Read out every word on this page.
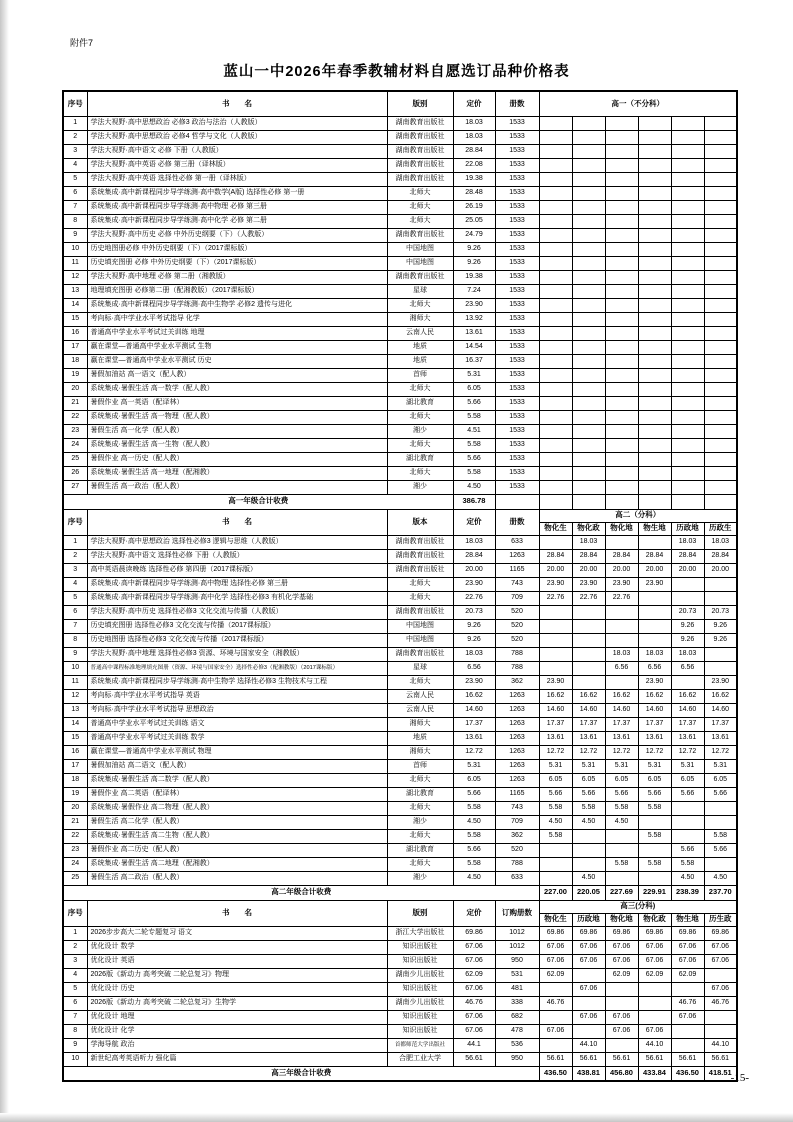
附件7
蓝山一中2026年春季教辅材料自愿选订品种价格表
序号	书　　名	版别	定价	册数	高一（不分科）					
1	学法大视野·高中思想政治 必修3 政治与法治（人教版）	湖南教育出版社	18.03	1533						
2	学法大视野·高中思想政治 必修4 哲学与文化（人教版）	湖南教育出版社	18.03	1533						
3	学法大视野·高中语文 必修 下册（人教版）	湖南教育出版社	28.84	1533						
4	学法大视野·高中英语 必修 第三册（译林版）	湖南教育出版社	22.08	1533						
5	学法大视野·高中英语 选择性必修 第一册（译林版）	湖南教育出版社	19.38	1533						
6	系统集成·高中新课程同步导学练测·高中数学(A版) 选择性必修 第一册	北师大	28.48	1533						
7	系统集成·高中新课程同步导学练测·高中物理 必修 第三册	北师大	26.19	1533						
8	系统集成·高中新课程同步导学练测·高中化学 必修 第二册	北师大	25.05	1533						
9	学法大视野·高中历史 必修 中外历史纲要（下）（人教版）	湖南教育出版社	24.79	1533						
10	历史地图册必修 中外历史纲要（下）（2017课标版）	中国地图	9.26	1533						
11	历史填充图册 必修 中外历史纲要（下）（2017课标版）	中国地图	9.26	1533						
12	学法大视野·高中地理 必修 第二册（湘教版）	湖南教育出版社	19.38	1533						
13	地理填充图册 必修第二册（配湘教版）（2017课标版）	星球	7.24	1533						
14	系统集成·高中新课程同步导学练测·高中生物学 必修2 遗传与进化	北师大	23.90	1533						
15	考向标·高中学业水平考试指导 化学	湘师大	13.92	1533						
16	普通高中学业水平考试过关训练 地理	云南人民	13.61	1533						
17	赢在课堂—普通高中学业水平测试 生物	地质	14.54	1533						
18	赢在课堂—普通高中学业水平测试 历史	地质	16.37	1533						
19	暑假加油站 高一语文（配人教）	首师	5.31	1533						
20	系统集成·暑假生活 高一数学（配人教）	北师大	6.05	1533						
21	暑假作业 高一英语（配译林）	湖北教育	5.66	1533						
22	系统集成·暑假生活 高一物理（配人教）	北师大	5.58	1533						
23	暑假生活 高一化学（配人教）	湘少	4.51	1533						
24	系统集成·暑假生活 高一生物（配人教）	北师大	5.58	1533						
25	暑假作业 高一历史（配人教）	湖北教育	5.66	1533						
26	系统集成·暑假生活 高一地理（配湘教）	北师大	5.58	1533						
27	暑假生活 高一政治（配人教）	湘少	4.50	1533						
高一年级合计收费			386.78							
序号	书　　名	版本	定价	册数	高二（分科）					
					物化生	物化政	物化地	物生地	历政地	历政生
1	学法大视野·高中思想政治 选择性必修3 逻辑与思维（人教版）	湖南教育出版社	18.03	633		18.03			18.03	18.03
2	学法大视野·高中语文 选择性必修 下册（人教版）	湖南教育出版社	28.84	1263	28.84	28.84	28.84	28.84	28.84	28.84
3	高中英语晨读晚练 选择性必修 第四册（2017课标版）	湖南教育出版社	20.00	1165	20.00	20.00	20.00	20.00	20.00	20.00
4	系统集成·高中新课程同步导学练测·高中物理 选择性必修 第三册	北师大	23.90	743	23.90	23.90	23.90	23.90		
5	系统集成·高中新课程同步导学练测·高中化学 选择性必修3 有机化学基础	北师大	22.76	709	22.76	22.76	22.76			
6	学法大视野·高中历史 选择性必修3 文化交流与传播（人教版）	湖南教育出版社	20.73	520					20.73	20.73
7	历史填充图册 选择性必修3 文化交流与传播（2017课标版）	中国地图	9.26	520					9.26	9.26
8	历史地图册 选择性必修3 文化交流与传播（2017课标版）	中国地图	9.26	520					9.26	9.26
9	学法大视野·高中地理 选择性必修3 资源、环境与国家安全（湘教版）	湖南教育出版社	18.03	788			18.03	18.03	18.03	
10	普通高中课程标准地理填充图册（资源、环境与国家安全）选择性必修3（配湘教版）（2017课标版）	星球	6.56	788			6.56	6.56	6.56	
11	系统集成·高中新课程同步导学练测·高中生物学 选择性必修3 生物技术与工程	北师大	23.90	362	23.90			23.90		23.90
12	考向标·高中学业水平考试指导 英语	云南人民	16.62	1263	16.62	16.62	16.62	16.62	16.62	16.62
13	考向标·高中学业水平考试指导 思想政治	云南人民	14.60	1263	14.60	14.60	14.60	14.60	14.60	14.60
14	普通高中学业水平考试过关训练 语文	湘师大	17.37	1263	17.37	17.37	17.37	17.37	17.37	17.37
15	普通高中学业水平考试过关训练 数学	地质	13.61	1263	13.61	13.61	13.61	13.61	13.61	13.61
16	赢在课堂—普通高中学业水平测试 物理	湘师大	12.72	1263	12.72	12.72	12.72	12.72	12.72	12.72
17	暑假加油站 高二语文（配人教）	首师	5.31	1263	5.31	5.31	5.31	5.31	5.31	5.31
18	系统集成·暑假生活 高二数学（配人教）	北师大	6.05	1263	6.05	6.05	6.05	6.05	6.05	6.05
19	暑假作业 高二英语（配译林）	湖北教育	5.66	1165	5.66	5.66	5.66	5.66	5.66	5.66
20	系统集成·暑假作业 高二物理（配人教）	北师大	5.58	743	5.58	5.58	5.58	5.58		
21	暑假生活 高二化学（配人教）	湘少	4.50	709	4.50	4.50	4.50			
22	系统集成·暑假生活 高二生物（配人教）	北师大	5.58	362	5.58			5.58		5.58
23	暑假作业 高二历史（配人教）	湖北教育	5.66	520					5.66	5.66
24	系统集成·暑假生活 高二地理（配湘教）	北师大	5.58	788			5.58	5.58	5.58	
25	暑假生活 高二政治（配人教）	湘少	4.50	633		4.50			4.50	4.50
高二年级合计收费					227.00	220.05	227.69	229.91	238.39	237.70
序号	书　　名	版别	定价	订购册数	高三(分科)					
					物化生	历政地	物化地	物化政	物生地	历生政
1	2026步步高大二轮专题复习 语文	浙江大学出版社	69.86	1012	69.86	69.86	69.86	69.86	69.86	69.86
2	优化设计 数学	知识出版社	67.06	1012	67.06	67.06	67.06	67.06	67.06	67.06
3	优化设计 英语	知识出版社	67.06	950	67.06	67.06	67.06	67.06	67.06	67.06
4	2026版《新动力 高考突破 二轮总复习》物理	湖南少儿出版社	62.09	531	62.09		62.09	62.09	62.09	
5	优化设计 历史	知识出版社	67.06	481		67.06				67.06
6	2026版《新动力 高考突破 二轮总复习》生物学	湖南少儿出版社	46.76	338	46.76				46.76	46.76
7	优化设计 地理	知识出版社	67.06	682		67.06	67.06		67.06	
8	优化设计 化学	知识出版社	67.06	478	67.06		67.06	67.06		
9	学海导航 政治	首都师范大学出版社	44.1	536		44.10		44.10		44.10
10	新世纪高考英语听力 强化篇	合肥工业大学	56.61	950	56.61	56.61	56.61	56.61	56.61	56.61
高三年级合计收费					436.50	438.81	456.80	433.84	436.50	418.51
-15-
